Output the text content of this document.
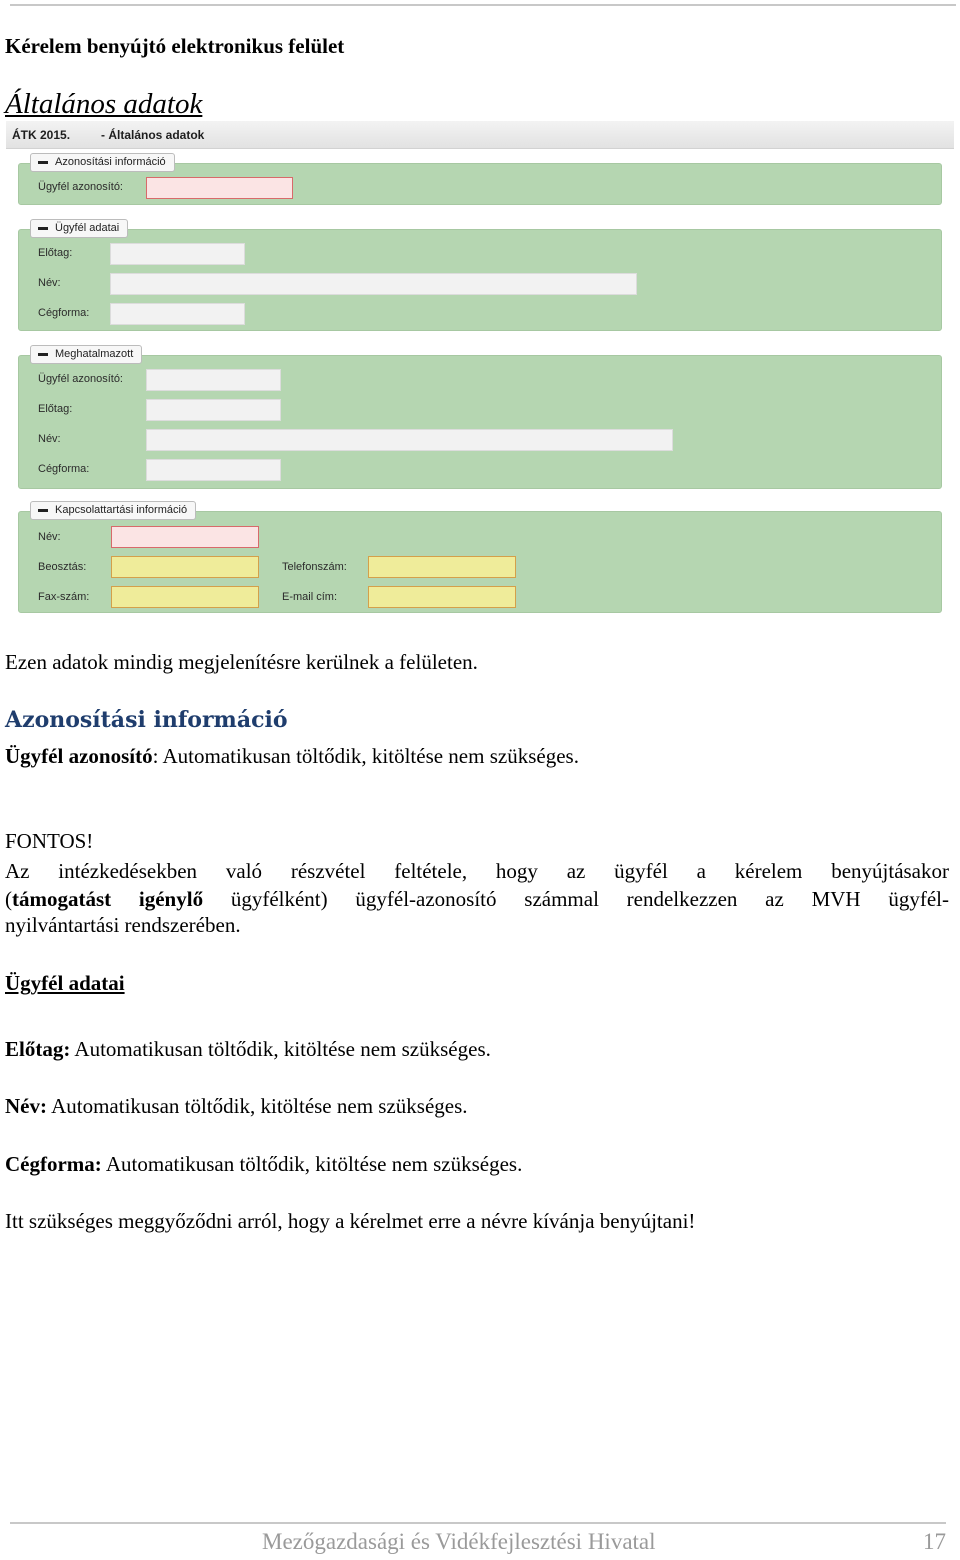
Kérelem benyújtó elektronikus felület
Általános adatok
ÁTK 2015.	- Általános adatok
Azonosítási információ
Ügyfél azonosító:
Ügyfél adatai
Előtag:
Név:
Cégforma:
Meghatalmazott
Ügyfél azonosító:
Előtag:
Név:
Cégforma:
Kapcsolattartási információ
Név:
Beosztás:
Fax-szám:
Telefonszám:
E-mail cím:
Ezen adatok mindig megjelenítésre kerülnek a felületen.
Azonosítási információ
Ügyfél azonosító: Automatikusan töltődik, kitöltése nem szükséges.
FONTOS!
Az intézkedésekben való részvétel feltétele, hogy az ügyfél a kérelem benyújtásakor
(támogatást igénylő ügyfélként) ügyfél-azonosító számmal rendelkezzen az MVH ügyfél-
nyilvántartási rendszerében.
Ügyfél adatai
Előtag: Automatikusan töltődik, kitöltése nem szükséges.
Név: Automatikusan töltődik, kitöltése nem szükséges.
Cégforma: Automatikusan töltődik, kitöltése nem szükséges.
Itt szükséges meggyőződni arról, hogy a kérelmet erre a névre kívánja benyújtani!
Mezőgazdasági és Vidékfejlesztési Hivatal	17
